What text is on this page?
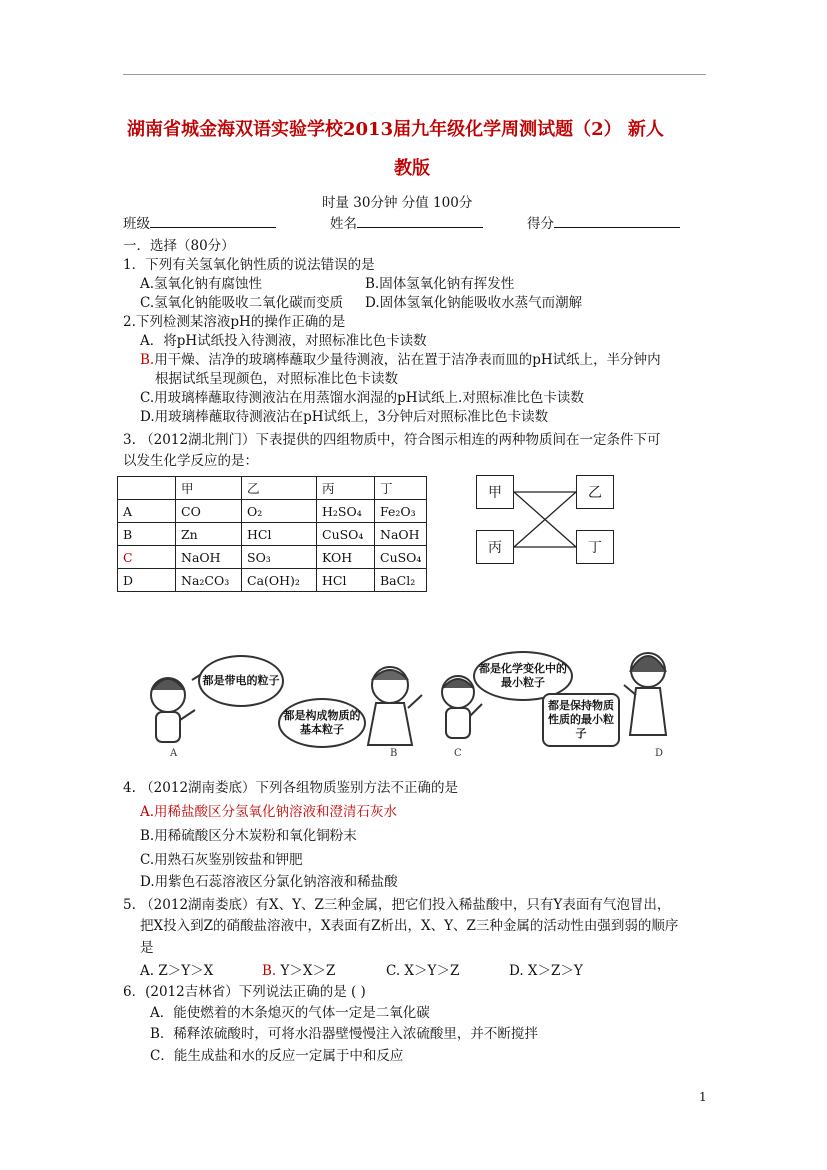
湖南省城金海双语实验学校2013届九年级化学周测试题（2） 新人
教版
时量 30分钟 分值 100分
班级	姓名	得分
一．选择（80分）
1．下列有关氢氧化钠性质的说法错误的是
A.氢氧化钠有腐蚀性	B.固体氢氧化钠有挥发性
C.氢氧化钠能吸收二氧化碳而变质 D.固体氢氧化钠能吸收水蒸气而潮解
2.下列检测某溶液pH的操作正确的是
A．将pH试纸投入待测液，对照标准比色卡读数
B.用干燥、洁净的玻璃棒蘸取少量待测液，沾在置于洁净表而皿的pH试纸上，半分钟内
根据试纸呈现颜色，对照标准比色卡读数
C.用玻璃棒蘸取待测液沾在用蒸馏水润湿的pH试纸上.对照标准比色卡读数
D.用玻璃棒蘸取待测液沾在pH试纸上，3分钟后对照标准比色卡读数
3. （2012湖北荆门）下表提供的四组物质中，符合图示相连的两种物质间在一定条件下可
以发生化学反应的是：
	甲	乙	丙	丁
A	CO	O₂	H₂SO₄	Fe₂O₃
B	Zn	HCl	CuSO₄	NaOH
C	NaOH	SO₃	KOH	CuSO₄
D	Na₂CO₃	Ca(OH)₂	HCl	BaCl₂
甲	乙
丙	丁
都是带电的粒子
都是构成物质的基本粒子
都是化学变化中的最小粒子
都是保持物质性质的最小粒子
A	B	C	D
4. （2012湖南娄底）下列各组物质鉴别方法不正确的是
A.用稀盐酸区分氢氧化钠溶液和澄清石灰水
B.用稀硫酸区分木炭粉和氧化铜粉末
C.用熟石灰鉴别铵盐和钾肥
D.用紫色石蕊溶液区分氯化钠溶液和稀盐酸
5. （2012湖南娄底）有X、Y、Z三种金属，把它们投入稀盐酸中，只有Y表面有气泡冒出，
把X投入到Z的硝酸盐溶液中，X表面有Z析出，X、Y、Z三种金属的活动性由强到弱的顺序
是
A. Z＞Y＞X	B. Y＞X＞Z	C. X＞Y＞Z	D. X＞Z＞Y
6．(2012吉林省）下列说法正确的是 ( )
A．能使燃着的木条熄灭的气体一定是二氧化碳
B．稀释浓硫酸时，可将水沿器壁慢慢注入浓硫酸里，并不断搅拌
C．能生成盐和水的反应一定属于中和反应
1
